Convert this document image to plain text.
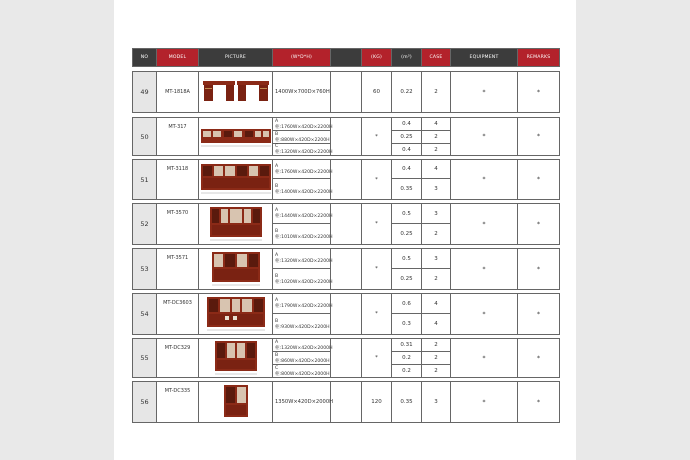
NO	MODEL	PICTURE	(W*D*H)		(KG)	(m³)	CASE	EQUIPMENT	REMARKS

49	MT-1818A		1400W×700D×760H		60	0.22	2	*	*

50	MT-317		A柜:1760W×420D×2200H		*	0.4	4	*	*
			B柜:880W×420D×2200H			0.25	2		
			C柜:1320W×420D×2200H			0.4	2		

51	MT-3118		A柜:1760W×420D×2200H		*	0.4	4	*	*
			B柜:1400W×420D×2200H			0.35	3		

52	MT-3570		A柜:1440W×420D×2200H		*	0.5	3	*	*
			B柜:1010W×420D×2200H			0.25	2		

53	MT-3571		A柜:1320W×420D×2200H		*	0.5	3	*	*
			B柜:1020W×420D×2200H			0.25	2		

54	MT-DC3603		A柜:1790W×420D×2200H		*	0.6	4	*	*
			B柜:930W×420D×2200H			0.3	4		

55	MT-DC329		A柜:1320W×420D×2000H		*	0.31	2	*	*
			B柜:860W×420D×2000H			0.2	2		
			C柜:800W×420D×2000H			0.2	2		

56	MT-DC335		1350W×420D×2000H		120	0.35	3	*	*
